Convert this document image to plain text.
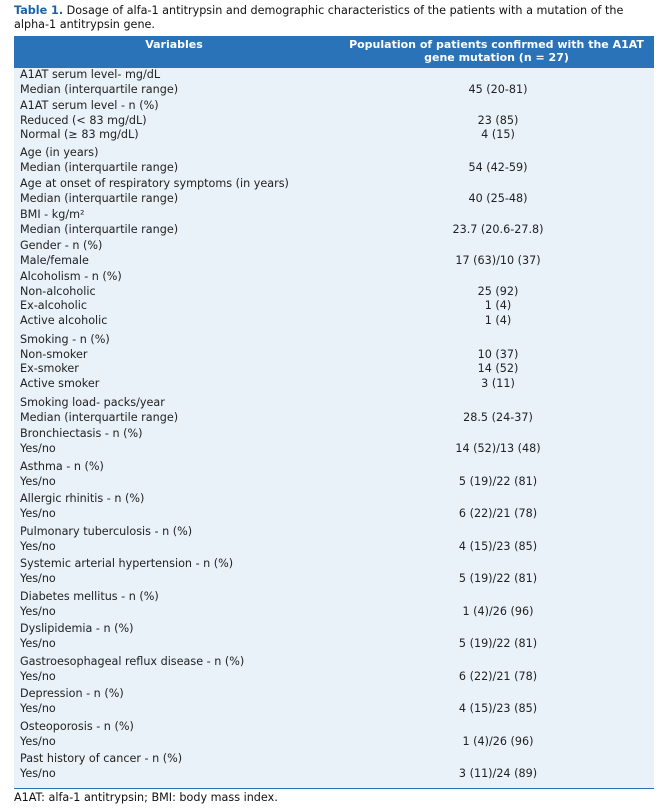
Table 1. Dosage of alfa-1 antitrypsin and demographic characteristics of the patients with a mutation of the alpha-1 antitrypsin gene.
Variables	Population of patients confirmed with the A1AT
gene mutation (n = 27)
A1AT serum level- mg/dL
Median (interquartile range)	45 (20-81)
A1AT serum level - n (%)
Reduced (< 83 mg/dL)	23 (85)
Normal (≥ 83 mg/dL)	4 (15)
Age (in years)
Median (interquartile range)	54 (42-59)
Age at onset of respiratory symptoms (in years)
Median (interquartile range)	40 (25-48)
BMI - kg/m²
Median (interquartile range)	23.7 (20.6-27.8)
Gender - n (%)
Male/female	17 (63)/10 (37)
Alcoholism - n (%)
Non-alcoholic	25 (92)
Ex-alcoholic	1 (4)
Active alcoholic	1 (4)
Smoking - n (%)
Non-smoker	10 (37)
Ex-smoker	14 (52)
Active smoker	3 (11)
Smoking load- packs/year
Median (interquartile range)	28.5 (24-37)
Bronchiectasis - n (%)
Yes/no	14 (52)/13 (48)
Asthma - n (%)
Yes/no	5 (19)/22 (81)
Allergic rhinitis - n (%)
Yes/no	6 (22)/21 (78)
Pulmonary tuberculosis - n (%)
Yes/no	4 (15)/23 (85)
Systemic arterial hypertension - n (%)
Yes/no	5 (19)/22 (81)
Diabetes mellitus - n (%)
Yes/no	1 (4)/26 (96)
Dyslipidemia - n (%)
Yes/no	5 (19)/22 (81)
Gastroesophageal reflux disease - n (%)
Yes/no	6 (22)/21 (78)
Depression - n (%)
Yes/no	4 (15)/23 (85)
Osteoporosis - n (%)
Yes/no	1 (4)/26 (96)
Past history of cancer - n (%)
Yes/no	3 (11)/24 (89)
A1AT: alfa-1 antitrypsin; BMI: body mass index.
